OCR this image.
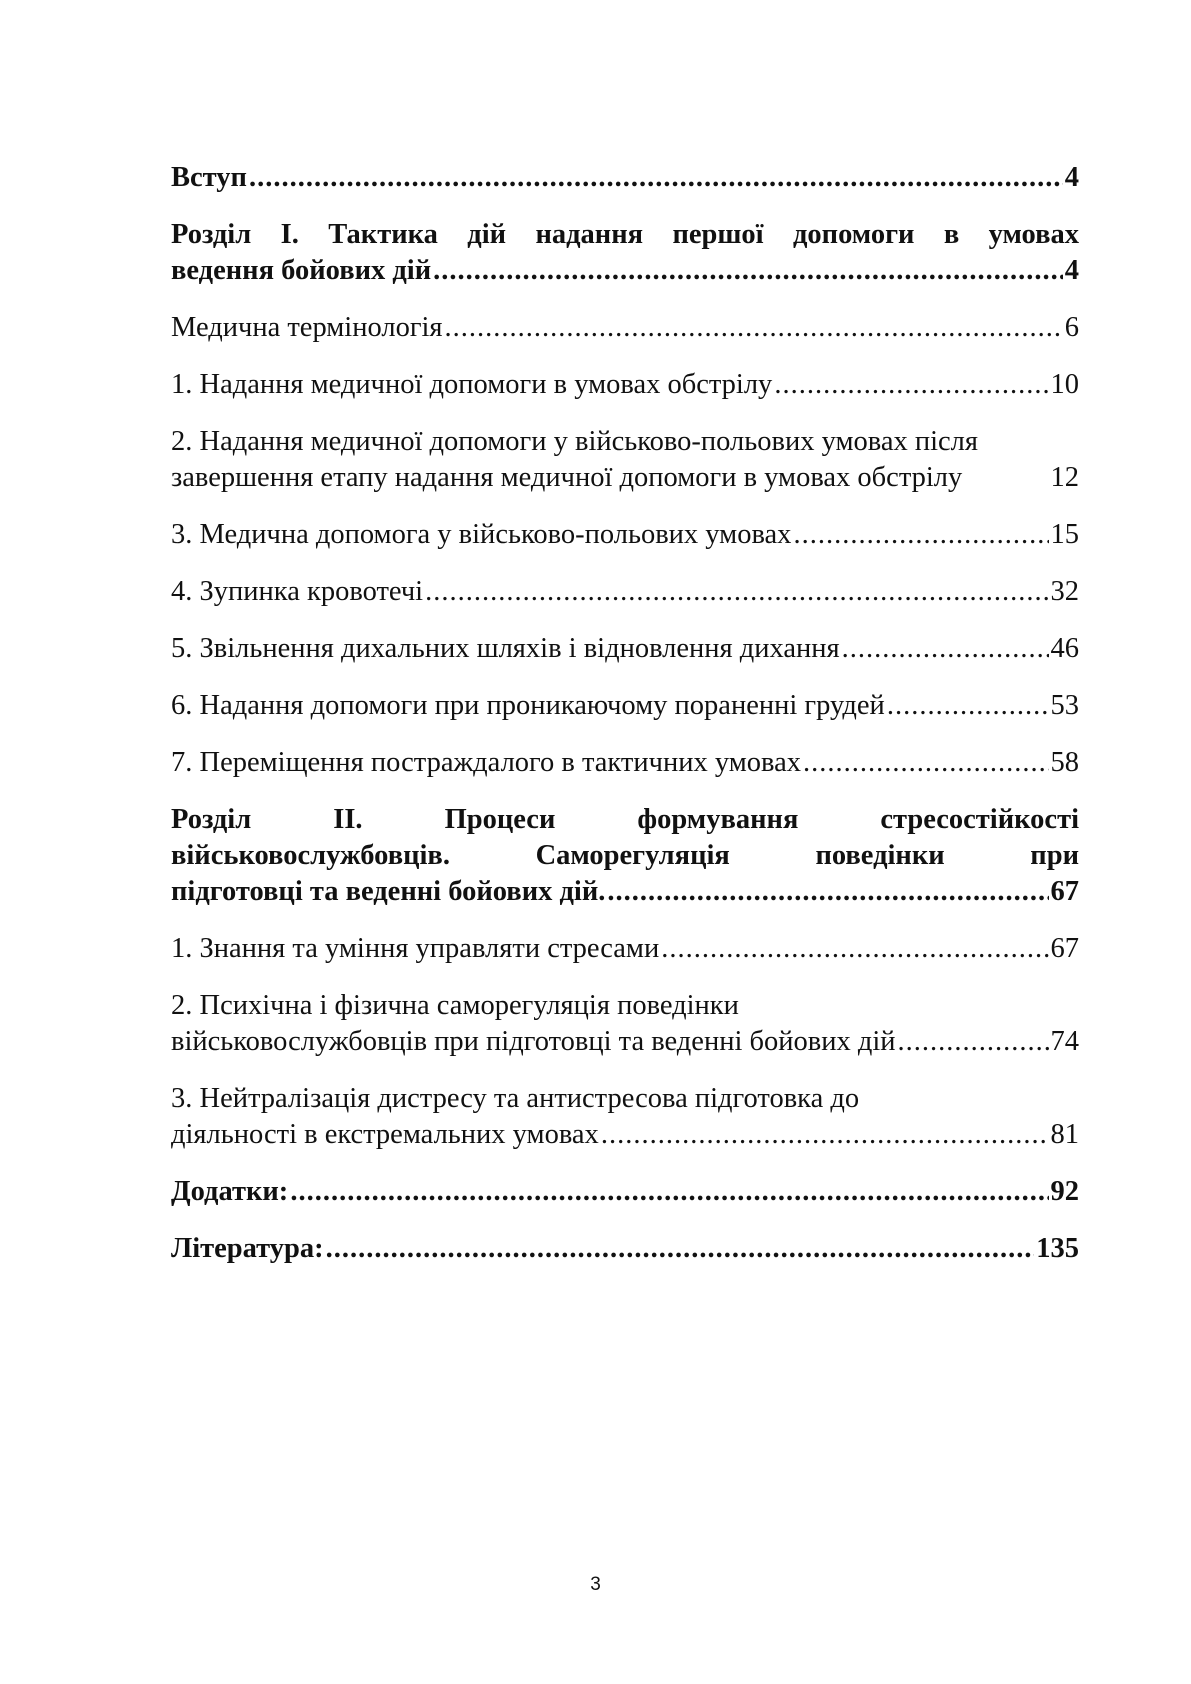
Вступ .....	4
Розділ І. Тактика дій надання першої допомоги в умовах
ведення бойових дій .....	4
Медична термінологія .....	6
1. Надання медичної допомоги в умовах обстрілу .....	10
2. Надання медичної допомоги у військово-польових умовах після
завершення етапу надання медичної допомоги в умовах обстрілу	12
3. Медична допомога у військово-польових умовах .....	15
4. Зупинка кровотечі .....	32
5. Звільнення дихальних шляхів і відновлення дихання .....	46
6. Надання допомоги при проникаючому пораненні грудей .....	53
7. Переміщення постраждалого в тактичних умовах .....	58
Розділ ІІ. Процеси формування стресостійкості
військовослужбовців. Саморегуляція поведінки при
підготовці та веденні бойових дій. .....	67
1. Знання та уміння управляти стресами .....	67
2. Психічна і фізична саморегуляція поведінки
військовослужбовців при підготовці та веденні бойових дій .....	74
3. Нейтралізація дистресу та антистресова підготовка до
діяльності в екстремальних умовах .....	81
Додатки: .....	92
Література: .....	135
3
